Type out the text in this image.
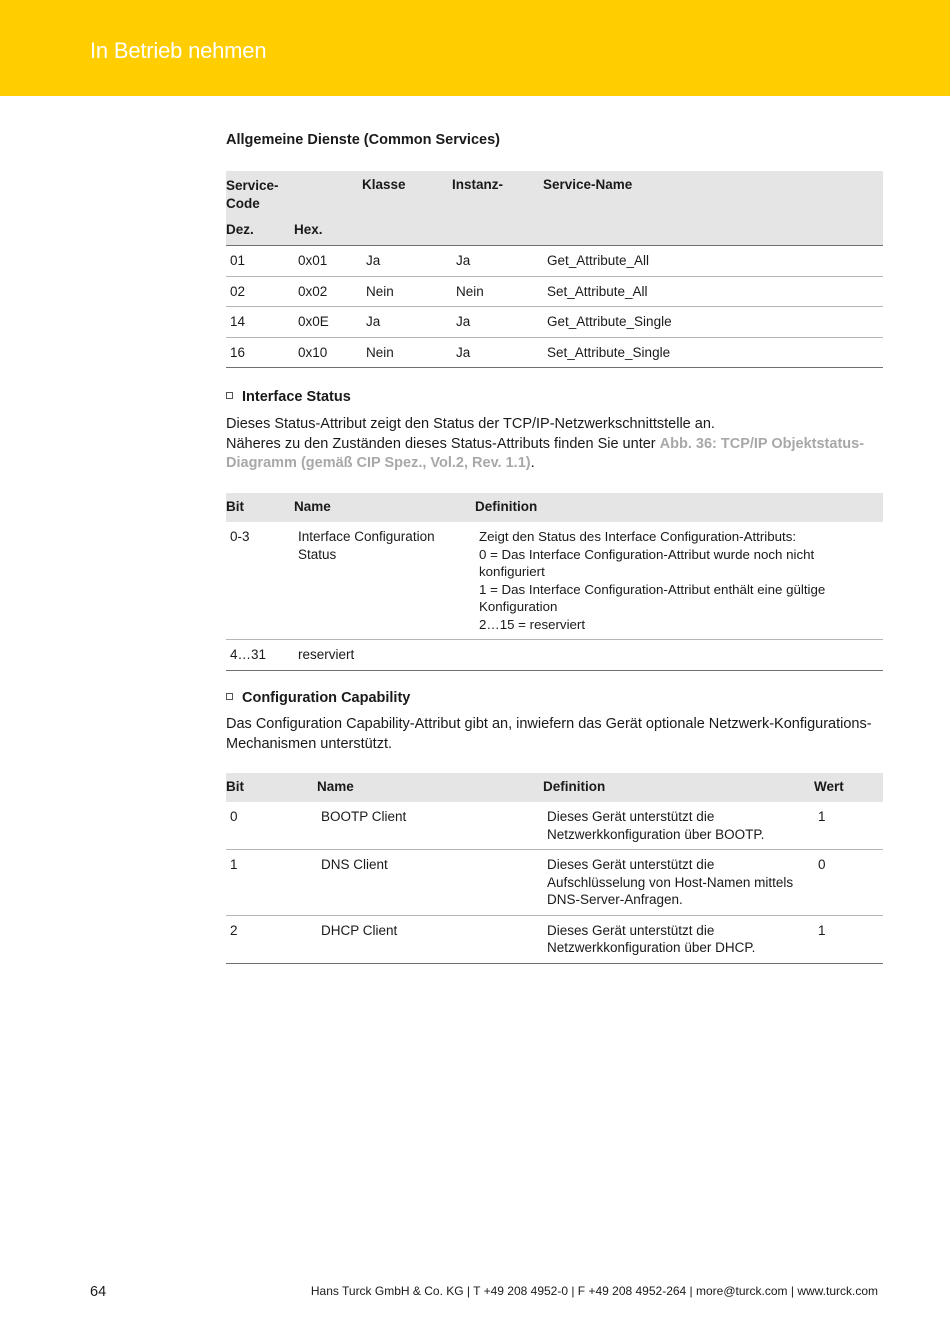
In Betrieb nehmen
Allgemeine Dienste (Common Services)
Service-Code		Klasse	Instanz-	Service-Name
Dez.	Hex.			
01	0x01	Ja	Ja	Get_Attribute_All
02	0x02	Nein	Nein	Set_Attribute_All
14	0x0E	Ja	Ja	Get_Attribute_Single
16	0x10	Nein	Ja	Set_Attribute_Single
Interface Status
Dieses Status-Attribut zeigt den Status der TCP/IP-Netzwerkschnittstelle an.
Näheres zu den Zuständen dieses Status-Attributs finden Sie unter Abb. 36: TCP/IP Objektstatus-Diagramm (gemäß CIP Spez., Vol.2, Rev. 1.1).
Bit	Name	Definition
0-3	Interface Configuration Status	Zeigt den Status des Interface Configuration-Attributs:
0 = Das Interface Configuration-Attribut wurde noch nicht konfiguriert
1 = Das Interface Configuration-Attribut enthält eine gültige Konfiguration
2…15 = reserviert

4…31	reserviert	
Configuration Capability
Das Configuration Capability-Attribut gibt an, inwiefern das Gerät optionale Netzwerk-Konfigurations-Mechanismen unterstützt.
Bit	Name	Definition	Wert
0	BOOTP Client	Dieses Gerät unterstützt die Netzwerkkonfiguration über BOOTP.	1
1	DNS Client	Dieses Gerät unterstützt die Aufschlüsselung von Host-Namen mittels DNS-Server-Anfragen.	0
2	DHCP Client	Dieses Gerät unterstützt die Netzwerkkonfiguration über DHCP.	1
64	Hans Turck GmbH & Co. KG | T +49 208 4952-0 | F +49 208 4952-264 | more@turck.com | www.turck.com
